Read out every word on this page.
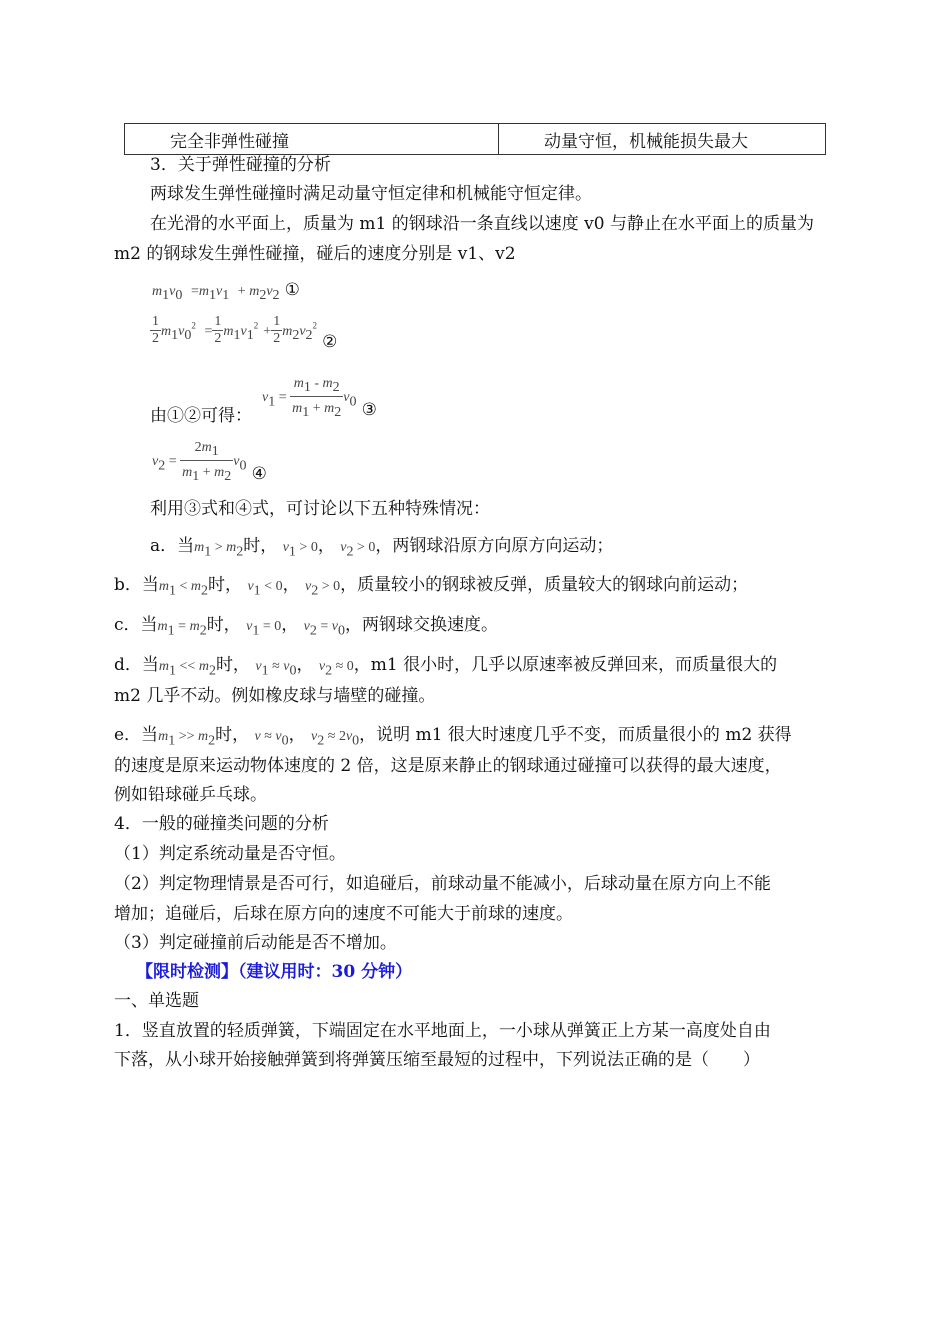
完全非弹性碰撞	动量守恒，机械能损失最大
3．关于弹性碰撞的分析
两球发生弹性碰撞时满足动量守恒定律和机械能守恒定律。
在光滑的水平面上，质量为 m1 的钢球沿一条直线以速度 v0 与静止在水平面上的质量为
m2 的钢球发生弹性碰撞，碰后的速度分别是 v1、v2
$m_1v_0 =m_1v_1 + m_2v_2$ ①
$\frac{1}{2} m_1v_0^2 = \frac{1}{2} m_1v_1^2 + \frac{1}{2} m_2v_2^2$ ②
由①②可得：
$v_1 = \frac{m_1 - m_2}{m_1 + m_2} v_0$ ③
$v_2 = \frac{2m_1}{m_1 + m_2} v_0$ ④
利用③式和④式，可讨论以下五种特殊情况：
a．当$m_1 > m_2$时， $v_1 > 0$， $v_2 > 0$，两钢球沿原方向原方向运动；
b．当$m_1 < m_2$时， $v_1 < 0$， $v_2 > 0$，质量较小的钢球被反弹，质量较大的钢球向前运动；
c．当$m_1 = m_2$时， $v_1 = 0$， $v_2 = v_0$，两钢球交换速度。
d．当$m_1 << m_2$时， $v_1 \approx v_0$， $v_2 \approx 0$，m1 很小时，几乎以原速率被反弹回来，而质量很大的
m2 几乎不动。例如橡皮球与墙壁的碰撞。
e．当$m_1 >> m_2$时， $v \approx v_0$， $v_2 \approx 2v_0$，说明 m1 很大时速度几乎不变，而质量很小的 m2 获得
的速度是原来运动物体速度的 2 倍，这是原来静止的钢球通过碰撞可以获得的最大速度，
例如铅球碰乒乓球。
4．一般的碰撞类问题的分析
（1）判定系统动量是否守恒。
（2）判定物理情景是否可行，如追碰后，前球动量不能减小，后球动量在原方向上不能
增加；追碰后，后球在原方向的速度不可能大于前球的速度。
（3）判定碰撞前后动能是否不增加。
【限时检测】（建议用时：30 分钟）
一、单选题
1．竖直放置的轻质弹簧，下端固定在水平地面上，一小球从弹簧正上方某一高度处自由
下落，从小球开始接触弹簧到将弹簧压缩至最短的过程中，下列说法正确的是（　　）
